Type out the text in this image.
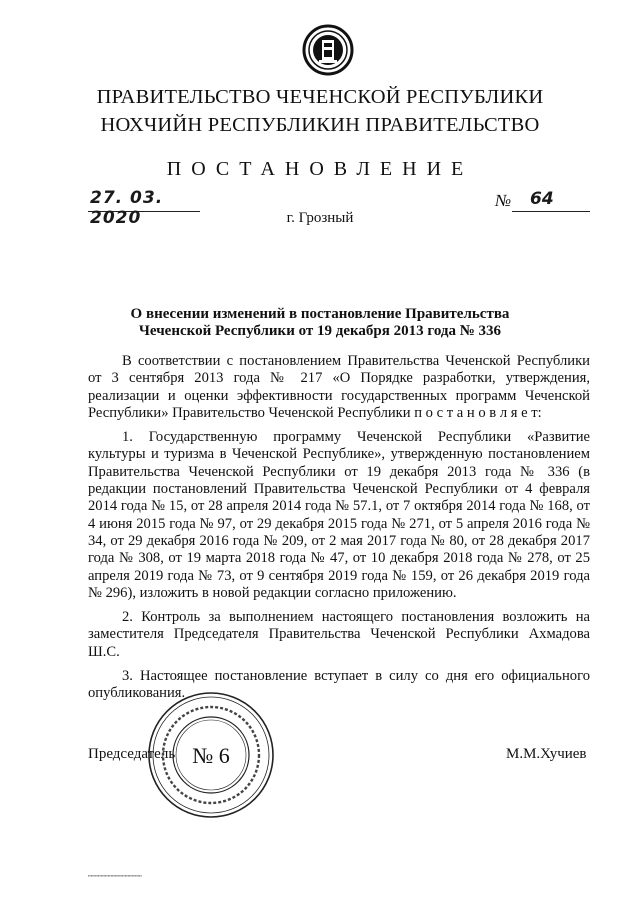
ПРАВИТЕЛЬСТВО ЧЕЧЕНСКОЙ РЕСПУБЛИКИ
НОХЧИЙН РЕСПУБЛИКИН ПРАВИТЕЛЬСТВО
ПОСТАНОВЛЕНИЕ
27. 03. 2020
№ 64
г. Грозный
О внесении изменений в постановление Правительства
Чеченской Республики от 19 декабря 2013 года № 336

В соответствии с постановлением Правительства Чеченской Республики от 3 сентября 2013 года № 217 «О Порядке разработки, утверждения, реализации и оценки эффективности государственных программ Чеченской Республики» Правительство Чеченской Республики п о с т а н о в л я е т:

1. Государственную программу Чеченской Республики «Развитие культуры и туризма в Чеченской Республике», утвержденную постановлением Правительства Чеченской Республики от 19 декабря 2013 года № 336 (в редакции постановлений Правительства Чеченской Республики от 4 февраля 2014 года № 15, от 28 апреля 2014 года № 57.1, от 7 октября 2014 года № 168, от 4 июня 2015 года № 97, от 29 декабря 2015 года № 271, от 5 апреля 2016 года № 34, от 29 декабря 2016 года № 209, от 2 мая 2017 года № 80, от 28 декабря 2017 года № 308, от 19 марта 2018 года № 47, от 10 декабря 2018 года № 278, от 25 апреля 2019 года № 73, от 9 сентября 2019 года № 159, от 26 декабря 2019 года № 296), изложить в новой редакции согласно приложению.

2. Контроль за выполнением настоящего постановления возложить на заместителя Председателя Правительства Чеченской Республики Ахмадова Ш.С.

3. Настоящее постановление вступает в силу со дня его официального опубликования.

Председатель	М.М.Хучиев
№ 6
▪▪▪▪▪▪▪▪▪▪▪▪▪▪▪▪▪▪▪▪▪▪▪▪▪▪▪▪▪▪▪▪▪▪▪▪▪▪
